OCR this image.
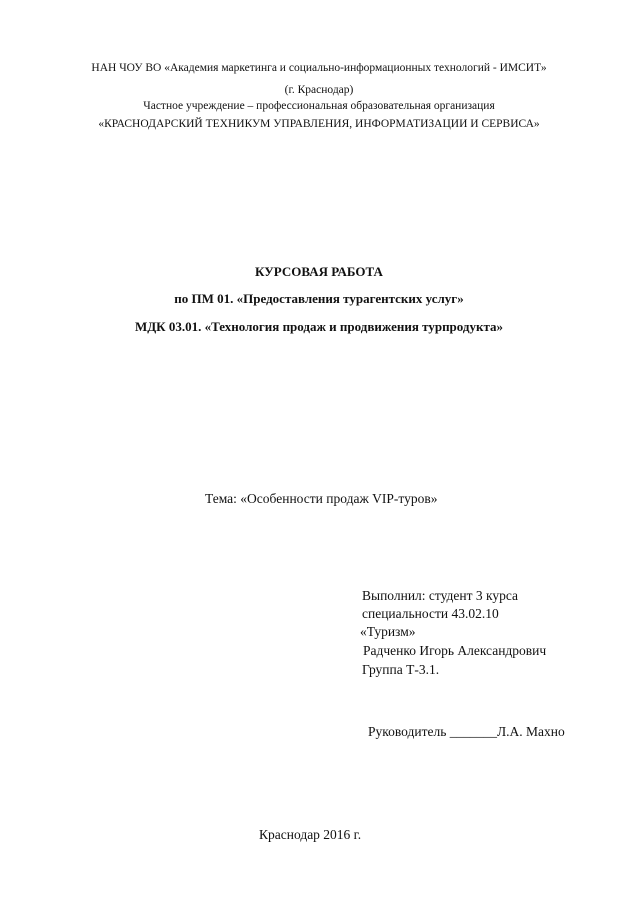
НАН ЧОУ ВО «Академия маркетинга и социально-информационных технологий - ИМСИТ»
(г. Краснодар)
Частное учреждение – профессиональная образовательная организация
«КРАСНОДАРСКИЙ ТЕХНИКУМ УПРАВЛЕНИЯ, ИНФОРМАТИЗАЦИИ И СЕРВИСА»
КУРСОВАЯ РАБОТА
по ПМ 01. «Предоставления турагентских услуг»
МДК 03.01. «Технология продаж и продвижения турпродукта»
Тема: «Особенности продаж VIP-туров»
Выполнил: студент 3 курса
специальности 43.02.10
«Туризм»
Радченко Игорь Александрович
Группа Т-3.1.
Руководитель _______Л.А. Махно
Краснодар 2016 г.
